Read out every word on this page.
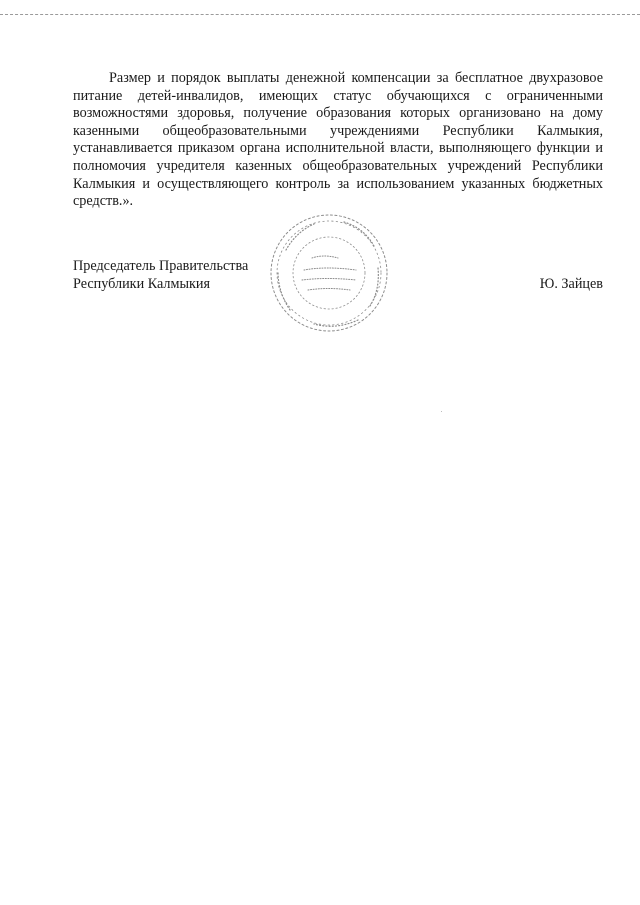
Размер и порядок выплаты денежной компенсации за бесплатное двухразовое питание детей-инвалидов, имеющих статус обучающихся с ограниченными возможностями здоровья, получение образования которых организовано на дому казенными общеобразовательными учреждениями Республики Калмыкия, устанавливается приказом органа исполнительной власти, выполняющего функции и полномочия учредителя казенных общеобразовательных учреждений Республики Калмыкия и осуществляющего контроль за использованием указанных бюджетных средств.».

Председатель Правительства
Республики Калмыкия	Ю. Зайцев
